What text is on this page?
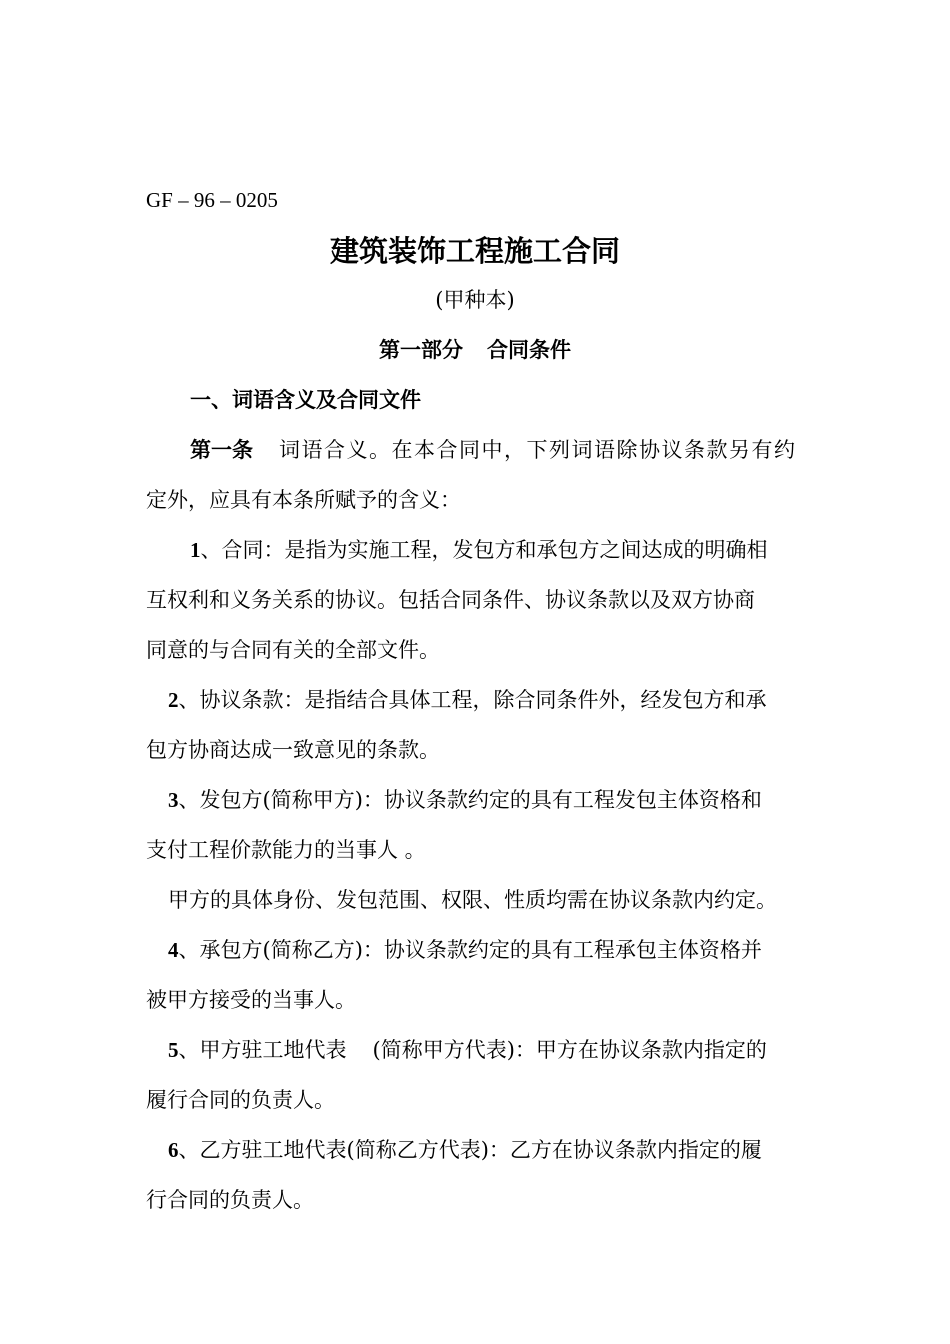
GF – 96 – 0205
建筑装饰工程施工合同
(甲种本)
第一部分 合同条件
一、词语含义及合同文件
第一条 词语合义。在本合同中，下列词语除协议条款另有约
定外，应具有本条所赋予的含义：
1、合同：是指为实施工程，发包方和承包方之间达成的明确相
互权利和义务关系的协议。包括合同条件、协议条款以及双方协商
同意的与合同有关的全部文件。
2、协议条款：是指结合具体工程，除合同条件外，经发包方和承
包方协商达成一致意见的条款。
3、发包方(简称甲方)：协议条款约定的具有工程发包主体资格和
支付工程价款能力的当事人 。
甲方的具体身份、发包范围、权限、性质均需在协议条款内约定。
4、承包方(简称乙方)：协议条款约定的具有工程承包主体资格并
被甲方接受的当事人。
5、甲方驻工地代表 (简称甲方代表)：甲方在协议条款内指定的
履行合同的负责人。
6、乙方驻工地代表(简称乙方代表)：乙方在协议条款内指定的履
行合同的负责人。
